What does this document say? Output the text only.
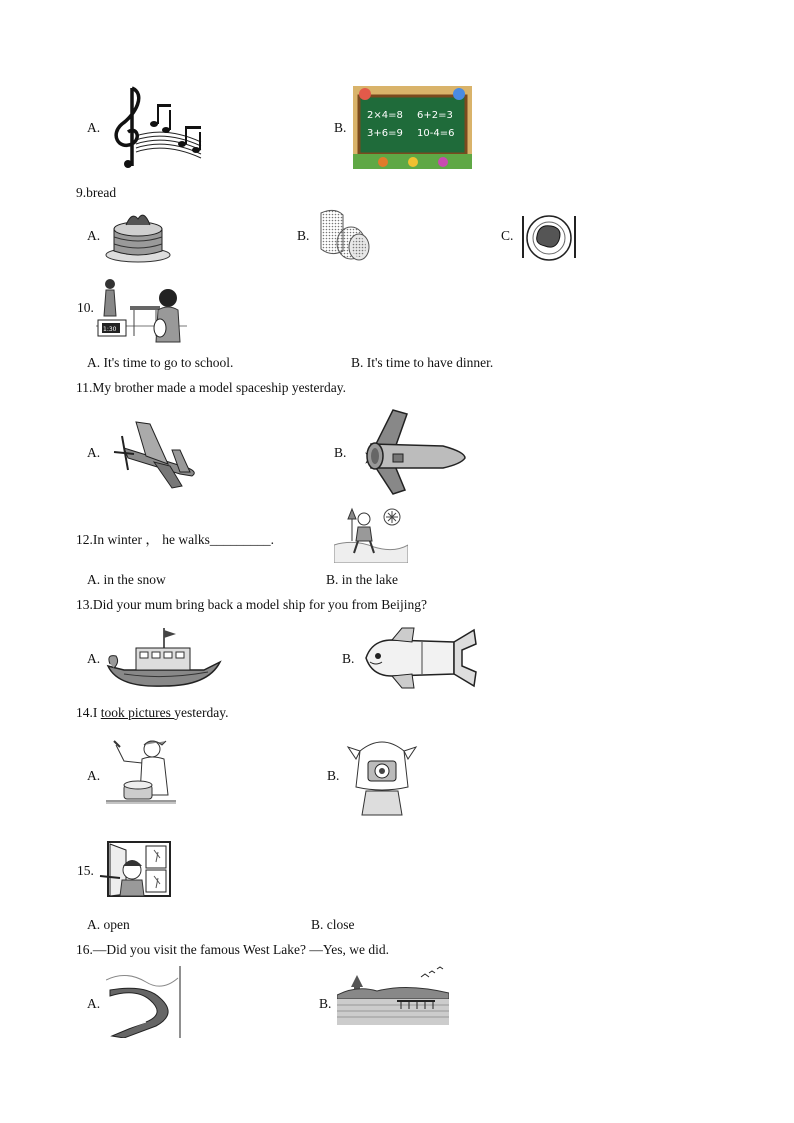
A.	B.
2×4=8 6+2=3
3+6=9 10-4=6
9.bread
A.	B.	C.
10.
1:30
A. It's time to go to school.	B. It's time to have dinner.
11.My brother made a model spaceship yesterday.
A.	B.
12.In winter ， he walks_________.
A. in the snow	B. in the lake
13.Did your mum bring back a model ship for you from Beijing?
A.	B.
14.I took pictures yesterday.
A.	B.
15.
A. open	B. close
16.—Did you visit the famous West Lake? —Yes, we did.
A.	B.
